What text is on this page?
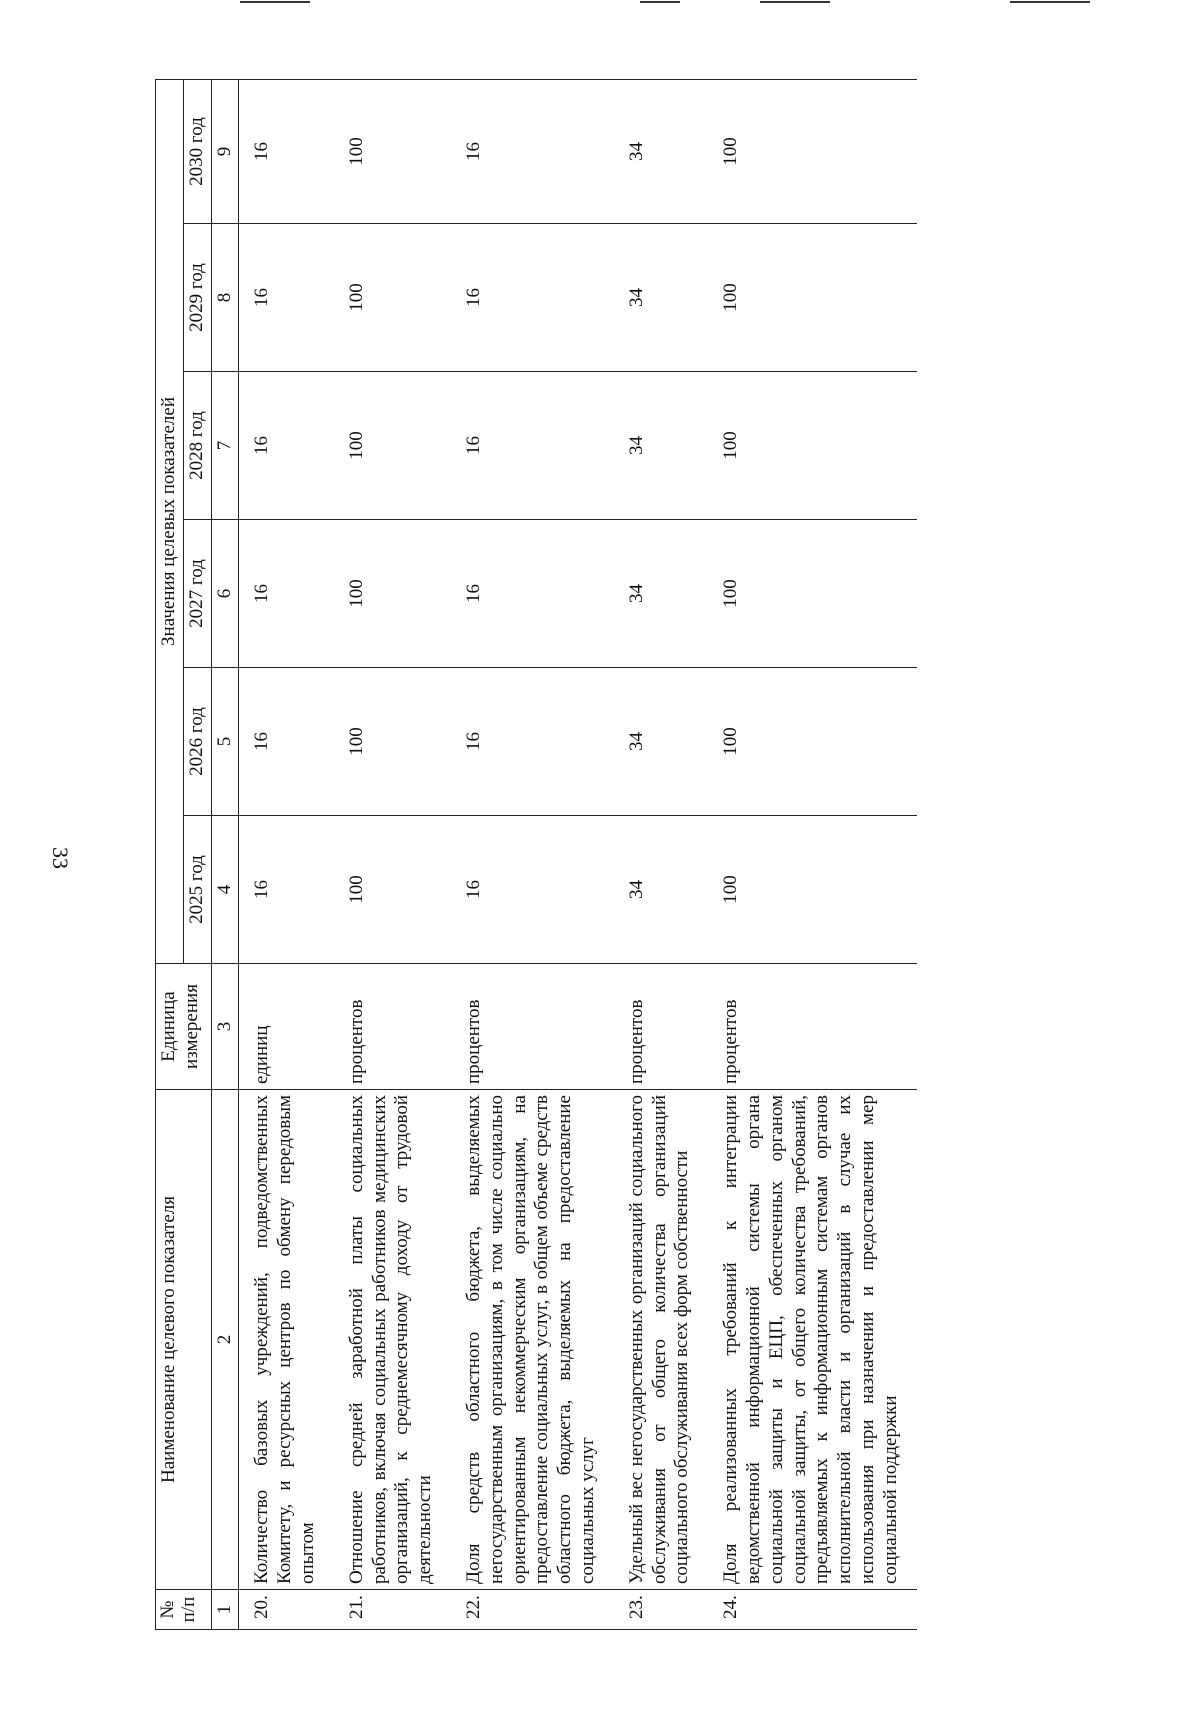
33
№ п/п	Наименование целевого показателя	Единица измерения	Значения целевых показателей					
			2025 год	2026 год	2027 год	2028 год	2029 год	2030 год
1	2	3	4	5	6	7	8	9
20.	Количество базовых учреждений, подведомственных Комитету, и ресурсных центров по обмену передовым опытом	единиц	16	16	16	16	16	16
21.	Отношение средней заработной платы социальных работников, включая социальных работников медицинских организаций, к среднемесячному доходу от трудовой деятельности	процентов	100	100	100	100	100	100
22.	Доля средств областного бюджета, выделяемых негосударственным организациям, в том числе социально ориентированным некоммерческим организациям, на предоставление социальных услуг, в общем объеме средств областного бюджета, выделяемых на предоставление социальных услуг	процентов	16	16	16	16	16	16
23.	Удельный вес негосударственных организаций социального обслуживания от общего количества организаций социального обслуживания всех форм собственности	процентов	34	34	34	34	34	34
24.	Доля реализованных требований к интеграции ведомственной информационной системы органа социальной защиты и ЕЦП, обеспеченных органом социальной защиты, от общего количества требований, предъявляемых к информационным системам органов исполнительной власти и организаций в случае их использования при назначении и предоставлении мер социальной поддержки	процентов	100	100	100	100	100	100
